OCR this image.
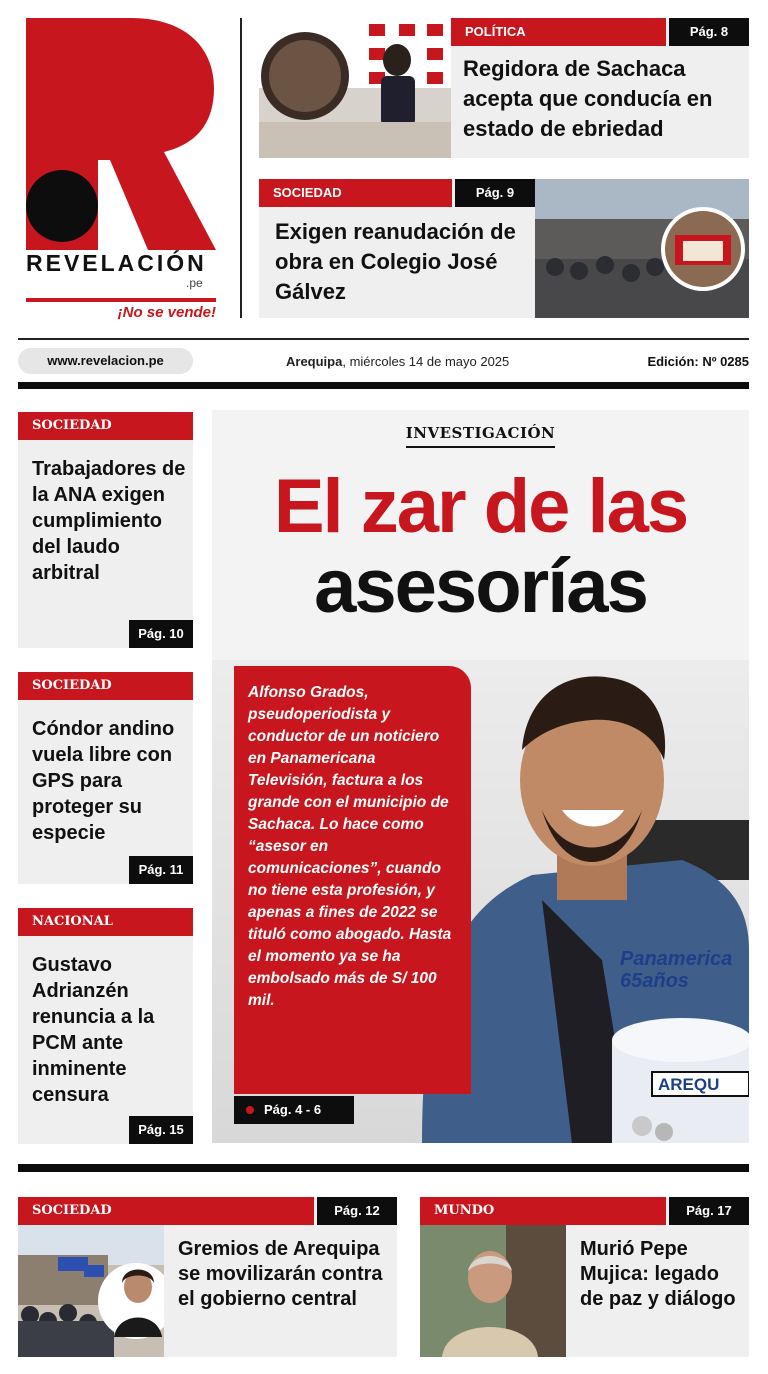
REVELACIÓN
.pe
¡No se vende!
POLÍTICA	Pág. 8
Regidora de Sachaca acepta que conducía en estado de ebriedad
SOCIEDAD	Pág. 9
Exigen reanudación de obra en Colegio José Gálvez
www.revelacion.pe	Arequipa, miércoles 14 de mayo 2025	Edición: Nº 0285
SOCIEDAD
Trabajadores de la ANA exigen cumplimiento del laudo arbitral
Pág. 10
SOCIEDAD
Cóndor andino vuela libre con GPS para proteger su especie
Pág. 11
NACIONAL
Gustavo Adrianzén renuncia a la PCM ante inminente censura
Pág. 15
INVESTIGACIÓN
El zar de las
asesorías
Panamerica 65años
AREQU
Alfonso Grados, pseudoperiodista y conductor de un noticiero en Panamericana Televisión, factura a los grande con el municipio de Sachaca. Lo hace como “asesor en comunicaciones”, cuando no tiene esta profesión, y apenas a fines de 2022 se tituló como abogado. Hasta el momento ya se ha embolsado más de S/ 100 mil.
Pág. 4 - 6
SOCIEDAD	Pág. 12
Gremios de Arequipa se movilizarán contra el gobierno central
MUNDO	Pág. 17
Murió Pepe Mujica: legado de paz y diálogo
